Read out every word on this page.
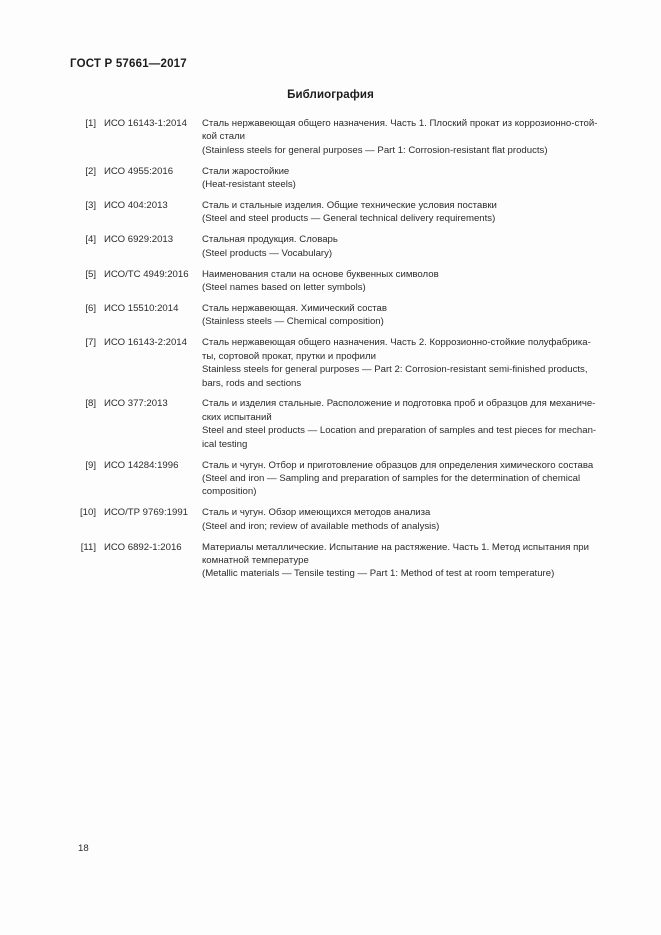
ГОСТ Р 57661—2017
Библиография
[1] ИСО 16143-1:2014	Сталь нержавеющая общего назначения. Часть 1. Плоский прокат из коррозионно-стой-
кой стали
(Stainless steels for general purposes — Part 1: Corrosion-resistant flat products)
[2] ИСО 4955:2016	Стали жаростойкие
(Heat-resistant steels)
[3] ИСО 404:2013	Сталь и стальные изделия. Общие технические условия поставки
(Steel and steel products — General technical delivery requirements)
[4] ИСО 6929:2013	Стальная продукция. Словарь
(Steel products — Vocabulary)
[5] ИСО/ТС 4949:2016	Наименования стали на основе буквенных символов
(Steel names based on letter symbols)
[6] ИСО 15510:2014	Сталь нержавеющая. Химический состав
(Stainless steels — Chemical composition)
[7] ИСО 16143-2:2014	Сталь нержавеющая общего назначения. Часть 2. Коррозионно-стойкие полуфабрика-
ты, сортовой прокат, прутки и профили
Stainless steels for general purposes — Part 2: Corrosion-resistant semi-finished products,
bars, rods and sections
[8] ИСО 377:2013	Сталь и изделия стальные. Расположение и подготовка проб и образцов для механиче-
ских испытаний
Steel and steel products — Location and preparation of samples and test pieces for mechan-
ical testing
[9] ИСО 14284:1996	Сталь и чугун. Отбор и приготовление образцов для определения химического состава
(Steel and iron — Sampling and preparation of samples for the determination of chemical
composition)
[10] ИСО/ТР 9769:1991	Сталь и чугун. Обзор имеющихся методов анализа
(Steel and iron; review of available methods of analysis)
[11] ИСО 6892-1:2016	Материалы металлические. Испытание на растяжение. Часть 1. Метод испытания при
комнатной температуре
(Metallic materials — Tensile testing — Part 1: Method of test at room temperature)
18
